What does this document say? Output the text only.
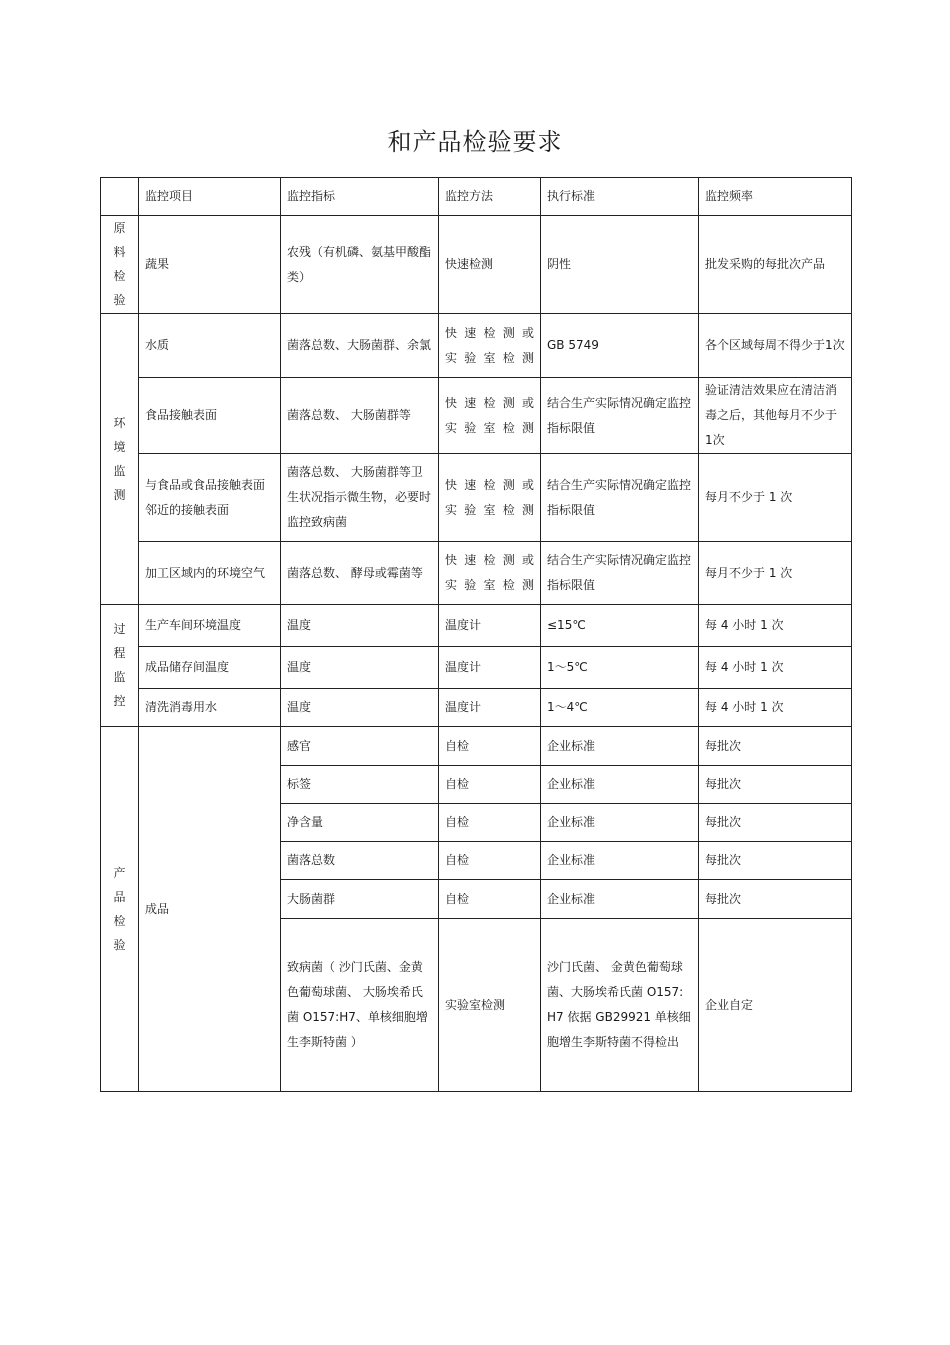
和产品检验要求
	监控项目	监控指标	监控方法	执行标准	监控频率
原料检验	蔬果	农残（有机磷、氨基甲酸酯类）	快速检测	阴性	批发采购的每批次产品
环境监测	水质	菌落总数、大肠菌群、余氯	快 速 检 测 或 实验室检测	GB 5749	各个区域每周不得少于1次
	食品接触表面	菌落总数、 大肠菌群等	快 速 检 测 或 实验室检测	结合生产实际情况确定监控指标限值	验证清洁效果应在清洁消毒之后，其他每月不少于 1次
	与食品或食品接触表面邻近的接触表面	菌落总数、 大肠菌群等卫生状况指示微生物，必要时监控致病菌	快 速 检 测 或 实验室检测	结合生产实际情况确定监控指标限值	每月不少于 1 次
	加工区域内的环境空气	菌落总数、 酵母或霉菌等	快 速 检 测 或 实验室检测	结合生产实际情况确定监控指标限值	每月不少于 1 次
过程监控	生产车间环境温度	温度	温度计	≤15℃	每 4 小时 1 次
	成品储存间温度	温度	温度计	1～5℃	每 4 小时 1 次
	清洗消毒用水	温度	温度计	1～4℃	每 4 小时 1 次
产品检验	成品	感官	自检	企业标准	每批次
		标签	自检	企业标准	每批次
		净含量	自检	企业标准	每批次
		菌落总数	自检	企业标准	每批次
		大肠菌群	自检	企业标准	每批次
		致病菌（ 沙门氏菌、金黄色葡萄球菌、 大肠埃希氏菌 O157:H7、单核细胞增生李斯特菌 ）	实验室检测	沙门氏菌、 金黄色葡萄球菌、大肠埃希氏菌 O157:H7 依据 GB29921 单核细胞增生李斯特菌不得检出	企业自定
